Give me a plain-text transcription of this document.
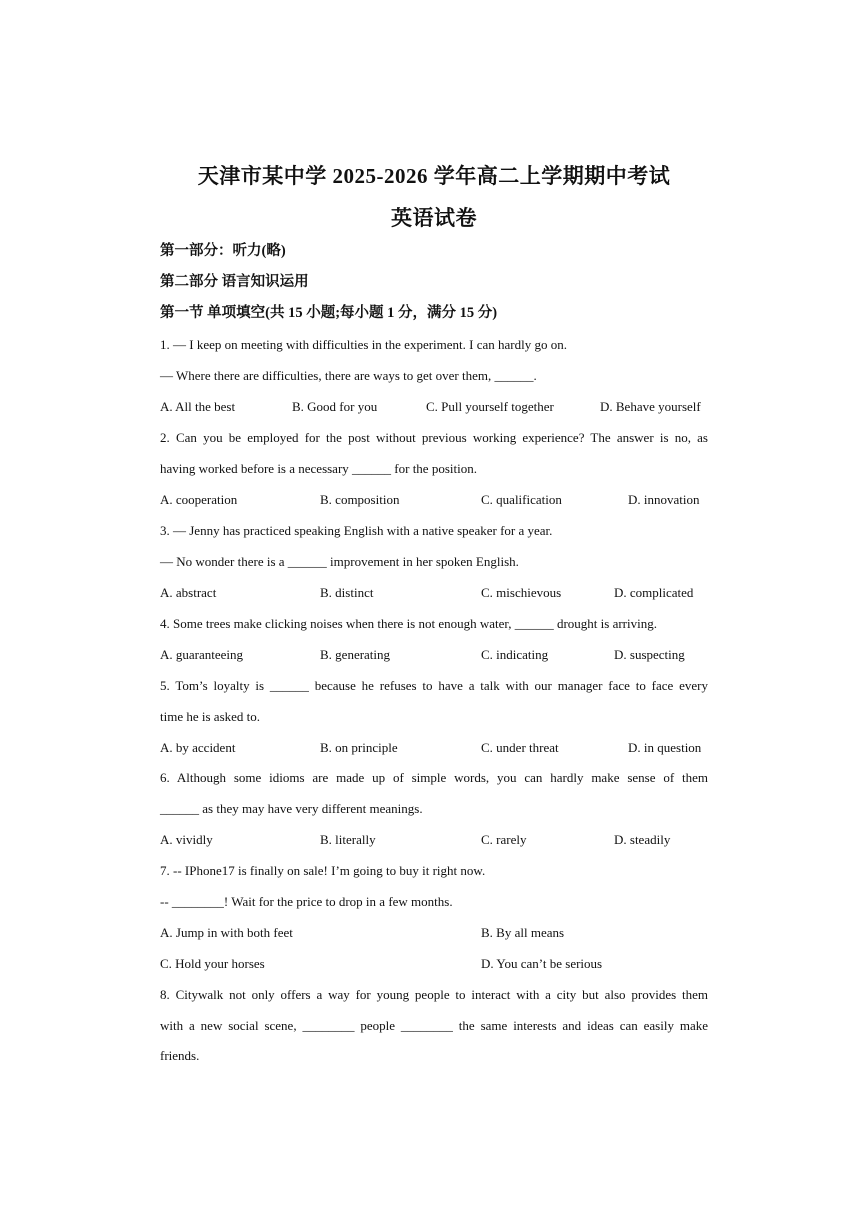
天津市某中学 2025-2026 学年高二上学期期中考试
英语试卷
第一部分：听力(略)
第二部分 语言知识运用
第一节 单项填空(共 15 小题;每小题 1 分，满分 15 分)
1. — I keep on meeting with difficulties in the experiment. I can hardly go on.
— Where there are difficulties, there are ways to get over them, ______.
A. All the best	B. Good for you	C. Pull yourself together	D. Behave yourself
2. Can you be employed for the post without previous working experience? The answer is no, as
having worked before is a necessary ______ for the position.
A. cooperation	B. composition	C. qualification	D. innovation
3. — Jenny has practiced speaking English with a native speaker for a year.
— No wonder there is a ______ improvement in her spoken English.
A. abstract	B. distinct	C. mischievous	D. complicated
4. Some trees make clicking noises when there is not enough water, ______ drought is arriving.
A. guaranteeing	B. generating	C. indicating	D. suspecting
5. Tom’s loyalty is ______ because he refuses to have a talk with our manager face to face every
time he is asked to.
A. by accident	B. on principle	C. under threat	D. in question
6. Although some idioms are made up of simple words, you can hardly make sense of them
______ as they may have very different meanings.
A. vividly	B. literally	C. rarely	D. steadily
7. -- IPhone17 is finally on sale! I’m going to buy it right now.
-- ________! Wait for the price to drop in a few months.
A. Jump in with both feet	B. By all means
C. Hold your horses	D. You can’t be serious
8. Citywalk not only offers a way for young people to interact with a city but also provides them
with a new social scene, ________ people ________ the same interests and ideas can easily make
friends.
